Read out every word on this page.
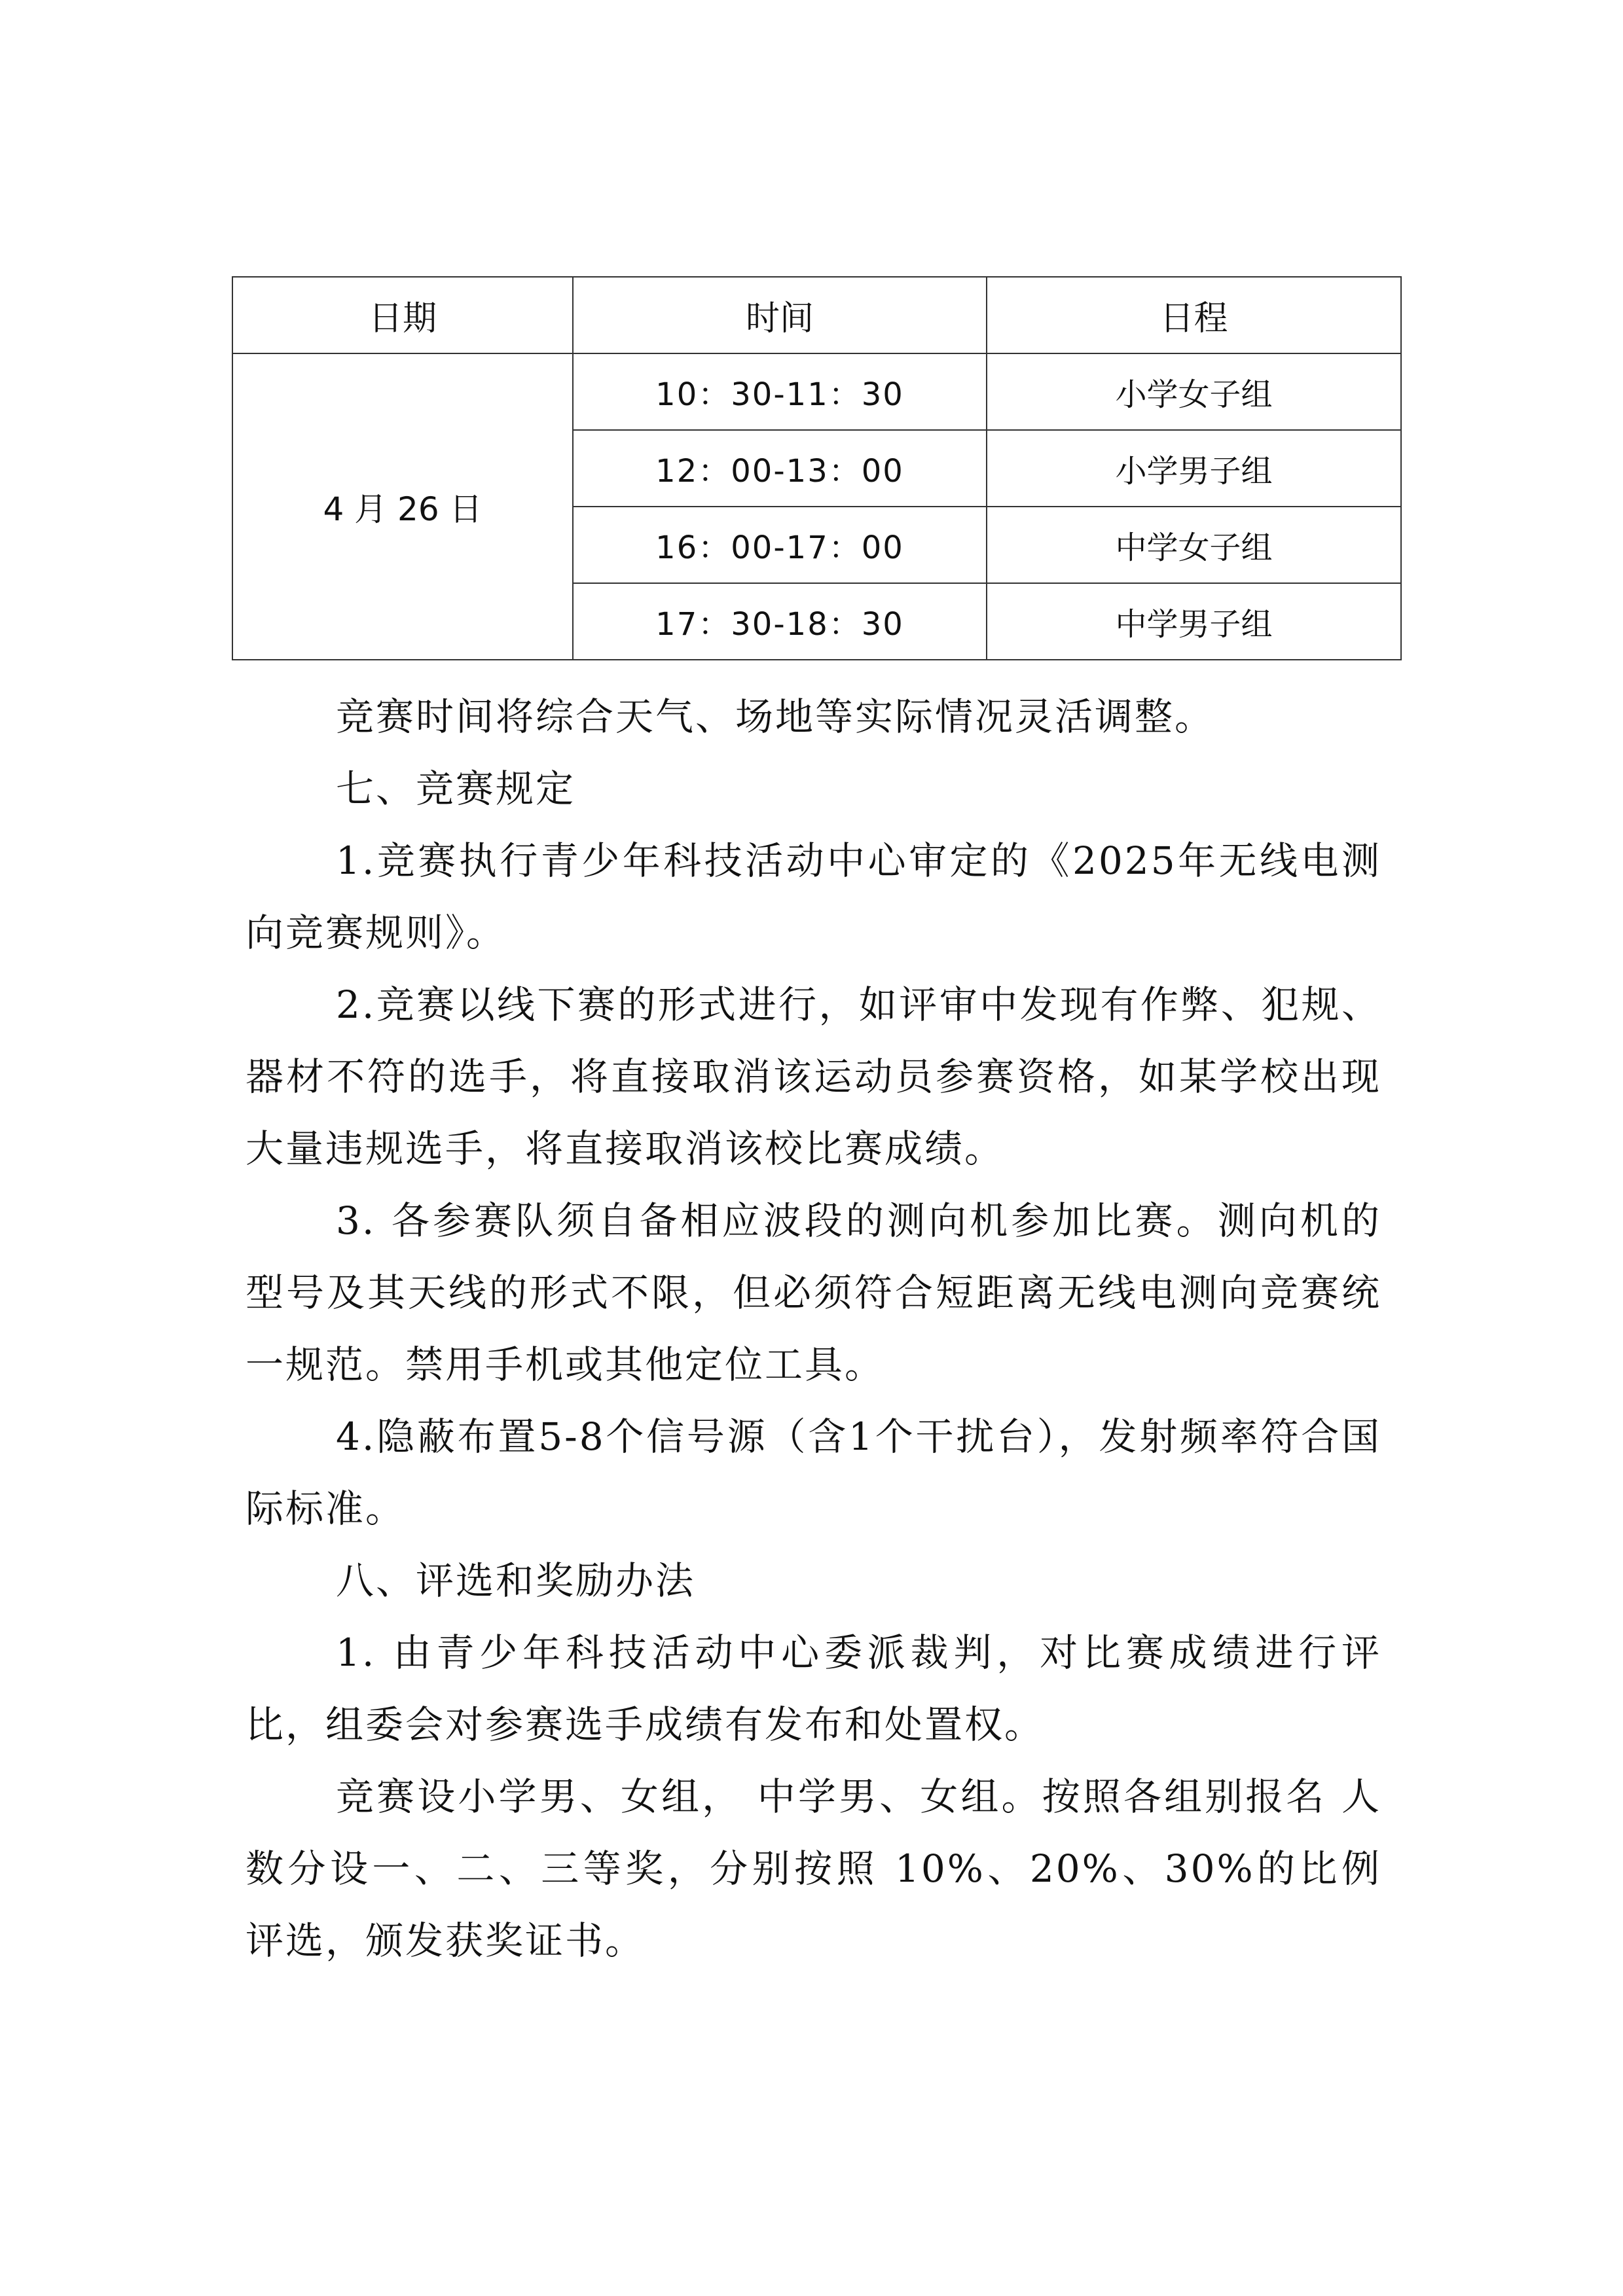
日期	时间	日程
4 月 26 日	10：30-11：30	小学女子组
	12：00-13：00	小学男子组
	16：00-17：00	中学女子组
	17：30-18：30	中学男子组

竞赛时间将综合天气、场地等实际情况灵活调整。

七、竞赛规定

1.竞赛执行青少年科技活动中心审定的《2025年无线电测向竞赛规则》。

2.竞赛以线下赛的形式进行，如评审中发现有作弊、犯规、器材不符的选手，将直接取消该运动员参赛资格，如某学校出现大量违规选手，将直接取消该校比赛成绩。

3. 各参赛队须自备相应波段的测向机参加比赛。测向机的型号及其天线的形式不限，但必须符合短距离无线电测向竞赛统一规范。禁用手机或其他定位工具。

4.隐蔽布置5-8个信号源（含1个干扰台），发射频率符合国际标准。

八、评选和奖励办法

1. 由青少年科技活动中心委派裁判，对比赛成绩进行评比，组委会对参赛选手成绩有发布和处置权。

竞赛设小学男、女组， 中学男、女组。按照各组别报名 人数分设一、二、三等奖，分别按照 10%、20%、30%的比例 评选，颁发获奖证书。
